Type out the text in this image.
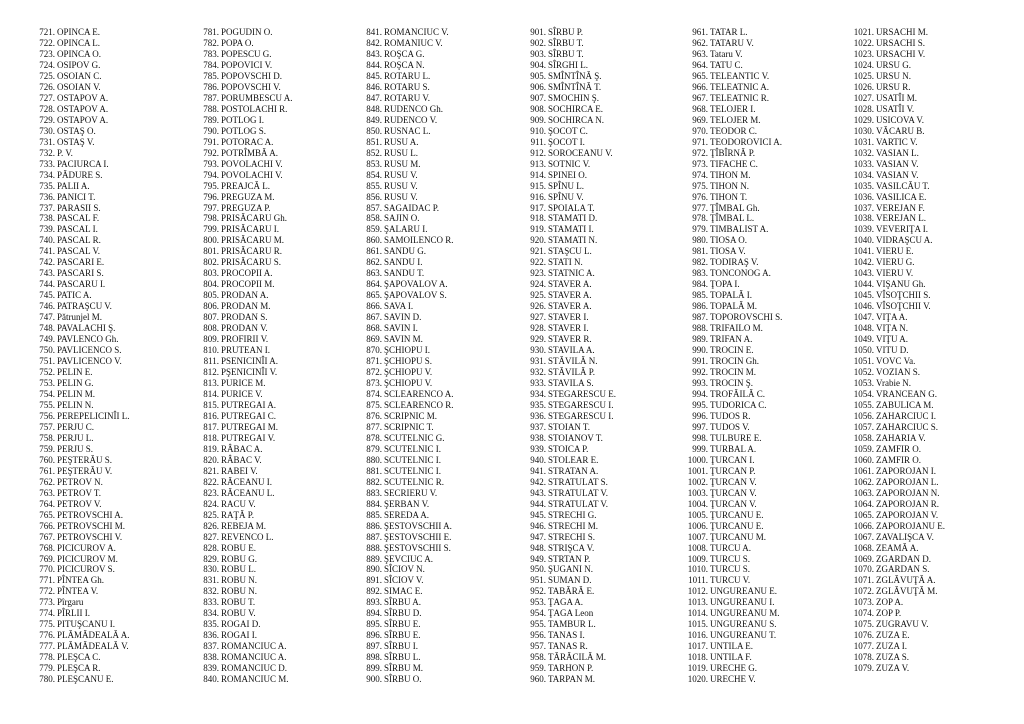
721. OPINCA E.
722. OPINCA L.
723. OPINCA O.
724. OSIPOV G.
725. OSOIAN C.
726. OSOIAN V.
727. OSTAPOV A.
728. OSTAPOV A.
729. OSTAPOV A.
730. OSTAŞ O.
731. OSTAŞ V.
732. P. V.
733. PACIURCA I.
734. PĂDURE S.
735. PALII A.
736. PANICI T.
737. PARASII S.
738. PASCAL F.
739. PASCAL I.
740. PASCAL R.
741. PASCAL V.
742. PASCARI E.
743. PASCARI S.
744. PASCARU I.
745. PATIC A.
746. PATRAŞCU V.
747. Pătrunjel M.
748. PAVALACHI Ş.
749. PAVLENCO Gh.
750. PAVLICENCO S.
751. PAVLICENCO V.
752. PELIN E.
753. PELIN G.
754. PELIN M.
755. PELIN N.
756. PEREPELICINÎI L.
757. PERJU C.
758. PERJU L.
759. PERJU S.
760. PEŞTERĂU S.
761. PEŞTERĂU V.
762. PETROV N.
763. PETROV T.
764. PETROV V.
765. PETROVSCHI A.
766. PETROVSCHI M.
767. PETROVSCHI V.
768. PICICUROV A.
769. PICICUROV M.
770. PICICUROV S.
771. PÎNTEA Gh.
772. PÎNTEA V.
773. Pîrgaru
774. PÎRLII I.
775. PITUŞCANU I.
776. PLĂMĂDEALĂ A.
777. PLĂMĂDEALĂ V.
778. PLEŞCA C.
779. PLEŞCA R.
780. PLEŞCANU E.
781. POGUDIN O.
782. POPA O.
783. POPESCU G.
784. POPOVICI V.
785. POPOVSCHI D.
786. POPOVSCHI V.
787. PORUMBESCU A.
788. POSTOLACHI R.
789. POTLOG I.
790. POTLOG S.
791. POTORAC A.
792. POTRÎMBĂ A.
793. POVOLACHI V.
794. POVOLACHI V.
795. PREAJCĂ L.
796. PREGUZA M.
797. PREGUZA P.
798. PRISĂCARU Gh.
799. PRISĂCARU I.
800. PRISĂCARU M.
801. PRISĂCARU R.
802. PRISĂCARU S.
803. PROCOPII A.
804. PROCOPII M.
805. PRODAN A.
806. PRODAN M.
807. PRODAN S.
808. PRODAN V.
809. PROFIRII V.
810. PRUTEAN I.
811. PSENICINÎI A.
812. PŞENICINÎI V.
813. PURICE M.
814. PURICE V.
815. PUTREGAI A.
816. PUTREGAI C.
817. PUTREGAI M.
818. PUTREGAI V.
819. RÂBAC A.
820. RÂBAC V.
821. RABEI V.
822. RĂCEANU I.
823. RĂCEANU L.
824. RACU V.
825. RAŢĂ P.
826. REBEJA M.
827. REVENCO L.
828. ROBU E.
829. ROBU G.
830. ROBU L.
831. ROBU N.
832. ROBU N.
833. ROBU T.
834. ROBU V.
835. ROGAI D.
836. ROGAI I.
837. ROMANCIUC A.
838. ROMANCIUC A.
839. ROMANCIUC D.
840. ROMANCIUC M.
841. ROMANCIUC V.
842. ROMANIUC V.
843. ROŞCA G.
844. ROŞCA N.
845. ROTARU L.
846. ROTARU S.
847. ROTARU V.
848. RUDENCO Gh.
849. RUDENCO V.
850. RUSNAC L.
851. RUSU A.
852. RUSU L.
853. RUSU M.
854. RUSU V.
855. RUSU V.
856. RUSU V.
857. SAGAIDAC P.
858. SAJIN O.
859. ŞALARU I.
860. SAMOILENCO R.
861. SANDU G.
862. SANDU I.
863. SANDU T.
864. ŞAPOVALOV A.
865. ŞAPOVALOV S.
866. SAVA I.
867. SAVIN D.
868. SAVIN I.
869. SAVIN M.
870. ŞCHIOPU I.
871. ŞCHIOPU S.
872. ŞCHIOPU V.
873. ŞCHIOPU V.
874. SCLEARENCO A.
875. SCLEARENCO R.
876. SCRIPNIC M.
877. SCRIPNIC T.
878. SCUTELNIC G.
879. SCUTELNIC I.
880. SCUTELNIC I.
881. SCUTELNIC I.
882. SCUTELNIC R.
883. SECRIERU V.
884. ŞERBAN V.
885. SEREDA A.
886. ŞESTOVSCHII A.
887. ŞESTOVSCHII E.
888. ŞESTOVSCHII S.
889. ŞEVCIUC A.
890. SÎCIOV N.
891. SÎCIOV V.
892. SIMAC E.
893. SÎRBU A.
894. SÎRBU D.
895. SÎRBU E.
896. SÎRBU E.
897. SÎRBU I.
898. SÎRBU L.
899. SÎRBU M.
900. SÎRBU O.
901. SÎRBU P.
902. SÎRBU T.
903. SÎRBU T.
904. SÎRGHI L.
905. SMÎNTÎNĂ Ş.
906. SMÎNTÎNĂ T.
907. SMOCHIN Ş.
908. SOCHIRCA E.
909. SOCHIRCA N.
910. ŞOCOT C.
911. ŞOCOT I.
912. SOROCEANU V.
913. SOTNIC V.
914. SPINEI O.
915. SPÎNU L.
916. SPÎNU V.
917. SPOIALA T.
918. STAMATI D.
919. STAMATI I.
920. STAMATI N.
921. STAŞCU L.
922. STATI N.
923. STATNIC A.
924. STAVER A.
925. STAVER A.
926. STAVER A.
927. STAVER I.
928. STAVER I.
929. STAVER R.
930. STAVILA A.
931. STĂVILĂ N.
932. STĂVILĂ P.
933. STAVILA S.
934. STEGARESCU E.
935. STEGARESCU I.
936. STEGARESCU I.
937. STOIAN T.
938. STOIANOV T.
939. STOICA P.
940. STOLEAR E.
941. STRATAN A.
942. STRATULAT S.
943. STRATULAT V.
944. STRATULAT V.
945. STRECHI G.
946. STRECHI M.
947. STRECHI S.
948. STRIŞCA V.
949. STRTAN P.
950. ŞUGANI N.
951. SUMAN D.
952. TABĂRĂ E.
953. ŢAGA A.
954. ŢAGA Leon
955. TAMBUR L.
956. TANAS I.
957. TANAS R.
958. TĂRĂCILĂ M.
959. TARHON P.
960. TARPAN M.
961. TATAR L.
962. TATARU V.
963. Tataru V.
964. TATU C.
965. TELEANTIC V.
966. TELEATNIC A.
967. TELEATNIC R.
968. TELOJER I.
969. TELOJER M.
970. TEODOR C.
971. TEODOROVICI A.
972. ŢÎBÎRNĂ P.
973. TIFACHE C.
974. TIHON M.
975. TIHON N.
976. TIHON T.
977. ŢÎMBAL Gh.
978. ŢÎMBAL L.
979. TIMBALIST A.
980. TIOSA O.
981. TIOSA V.
982. TODIRAŞ V.
983. TONCONOG A.
984. ŢOPA I.
985. TOPALĂ I.
986. TOPALĂ M.
987. TOPOROVSCHI S.
988. TRIFAILO M.
989. TRIFAN A.
990. TROCIN E.
991. TROCIN Gh.
992. TROCIN M.
993. TROCIN Ş.
994. TROFĂILĂ C.
995. TUDORICA C.
996. TUDOS R.
997. TUDOS V.
998. TULBURE E.
999. TURBAL A.
1000. ŢURCAN I.
1001. ŢURCAN P.
1002. ŢURCAN V.
1003. ŢURCAN V.
1004. ŢURCAN V.
1005. ŢURCANU E.
1006. ŢURCANU E.
1007. ŢURCANU M.
1008. TURCU A.
1009. TURCU S.
1010. TURCU S.
1011. TURCU V.
1012. UNGUREANU E.
1013. UNGUREANU I.
1014. UNGUREANU M.
1015. UNGUREANU S.
1016. UNGUREANU T.
1017. UNTILA E.
1018. UNTILA F.
1019. URECHE G.
1020. URECHE V.
1021. URSACHI M.
1022. URSACHI S.
1023. URSACHI V.
1024. URSU G.
1025. URSU N.
1026. URSU R.
1027. USATÎI M.
1028. USATÎI V.
1029. USICOVA V.
1030. VĂCARU B.
1031. VARTIC V.
1032. VASIAN L.
1033. VASIAN V.
1034. VASIAN V.
1035. VASILCĂU T.
1036. VASILICA E.
1037. VEREJAN F.
1038. VEREJAN L.
1039. VEVERIŢA I.
1040. VIDRAŞCU A.
1041. VIERU E.
1042. VIERU G.
1043. VIERU V.
1044. VIŞANU Gh.
1045. VÎSOŢCHII S.
1046. VÎSOŢCHII V.
1047. VIŢA A.
1048. VIŢA N.
1049. VIŢU A.
1050. VITU D.
1051. VOVC Va.
1052. VOZIAN S.
1053. Vrabie N.
1054. VRANCEAN G.
1055. ZABULICA M.
1056. ZAHARCIUC I.
1057. ZAHARCIUC S.
1058. ZAHARIA V.
1059. ZAMFIR O.
1060. ZAMFIR O.
1061. ZAPOROJAN I.
1062. ZAPOROJAN L.
1063. ZAPOROJAN N.
1064. ZAPOROJAN R.
1065. ZAPOROJAN V.
1066. ZAPOROJANU E.
1067. ZAVALIŞCA V.
1068. ZEAMĂ A.
1069. ZGARDAN D.
1070. ZGARDAN S.
1071. ZGLĂVUŢĂ A.
1072. ZGLĂVUŢĂ M.
1073. ZOP A.
1074. ZOP P.
1075. ZUGRAVU V.
1076. ZUZA E.
1077. ZUZA I.
1078. ZUZA S.
1079. ZUZA V.
